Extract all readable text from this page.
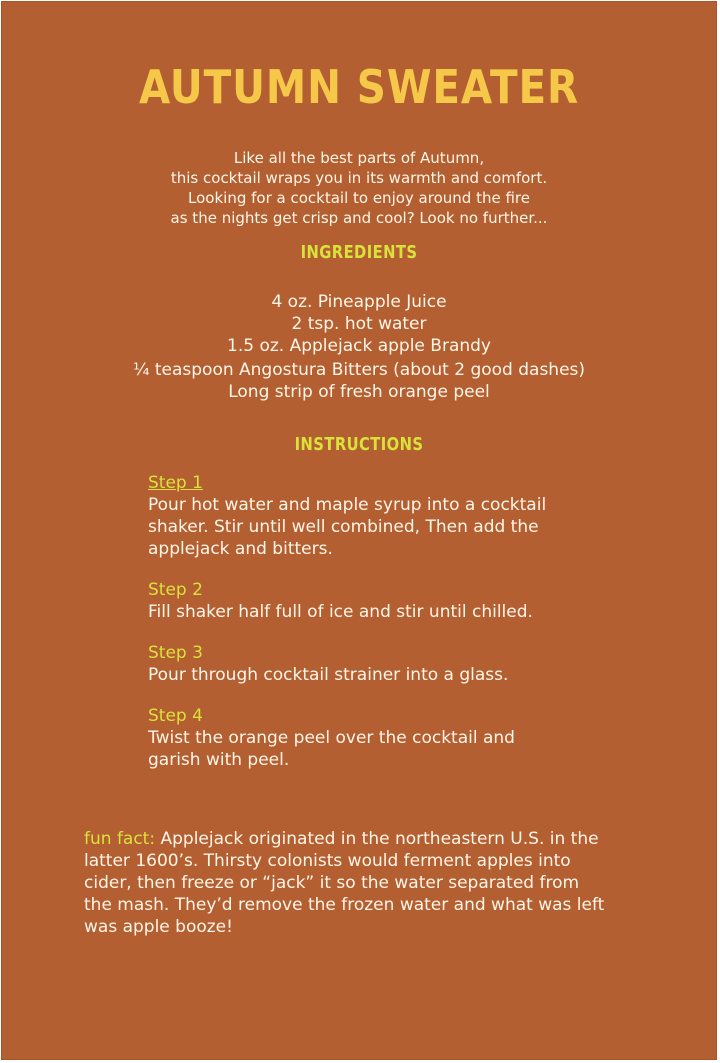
AUTUMN SWEATER
Like all the best parts of Autumn,
this cocktail wraps you in its warmth and comfort.
Looking for a cocktail to enjoy around the fire
as the nights get crisp and cool? Look no further...
INGREDIENTS
4 oz. Pineapple Juice
2 tsp. hot water
1.5 oz. Applejack apple Brandy
¼ teaspoon Angostura Bitters (about 2 good dashes)
Long strip of fresh orange peel
INSTRUCTIONS
Step 1
Pour hot water and maple syrup into a cocktail
shaker. Stir until well combined, Then add the
applejack and bitters.
Step 2
Fill shaker half full of ice and stir until chilled.
Step 3
Pour through cocktail strainer into a glass.
Step 4
Twist the orange peel over the cocktail and
garish with peel.
fun fact: Applejack originated in the northeastern U.S. in the
latter 1600’s. Thirsty colonists would ferment apples into
cider, then freeze or “jack” it so the water separated from
the mash. They’d remove the frozen water and what was left
was apple booze!
